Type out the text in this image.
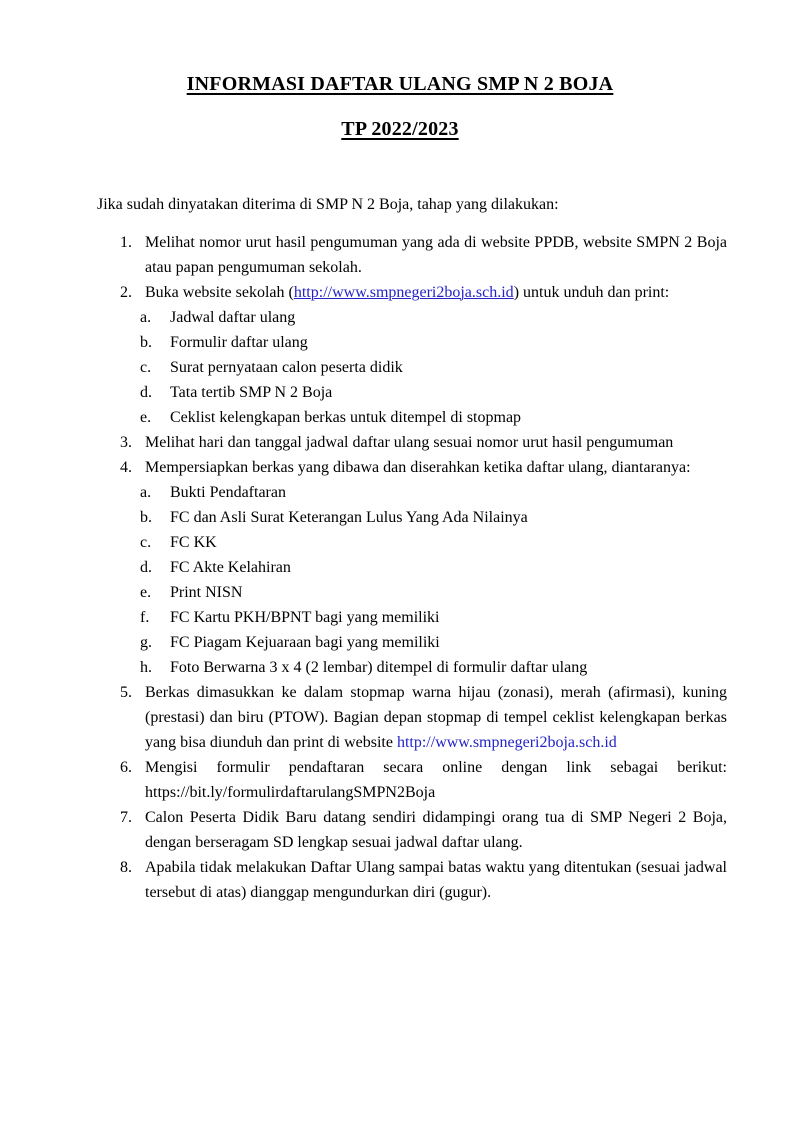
INFORMASI DAFTAR ULANG SMP N 2 BOJA
TP 2022/2023

Jika sudah dinyatakan diterima di SMP N 2 Boja, tahap yang dilakukan:

1. Melihat nomor urut hasil pengumuman yang ada di website PPDB, website SMPN 2 Boja atau papan pengumuman sekolah.
2. Buka website sekolah (http://www.smpnegeri2boja.sch.id) untuk unduh dan print:
a. Jadwal daftar ulang
b. Formulir daftar ulang
c. Surat pernyataan calon peserta didik
d. Tata tertib SMP N 2 Boja
e. Ceklist kelengkapan berkas untuk ditempel di stopmap
3. Melihat hari dan tanggal jadwal daftar ulang sesuai nomor urut hasil pengumuman
4. Mempersiapkan berkas yang dibawa dan diserahkan ketika daftar ulang, diantaranya:
a. Bukti Pendaftaran
b. FC dan Asli Surat Keterangan Lulus Yang Ada Nilainya
c. FC KK
d. FC Akte Kelahiran
e. Print NISN
f. FC Kartu PKH/BPNT bagi yang memiliki
g. FC Piagam Kejuaraan bagi yang memiliki
h. Foto Berwarna 3 x 4 (2 lembar) ditempel di formulir daftar ulang
5. Berkas dimasukkan ke dalam stopmap warna hijau (zonasi), merah (afirmasi), kuning (prestasi) dan biru (PTOW). Bagian depan stopmap di tempel ceklist kelengkapan berkas yang bisa diunduh dan print di website http://www.smpnegeri2boja.sch.id
6. Mengisi formulir pendaftaran secara online dengan link sebagai berikut: https://bit.ly/formulirdaftarulangSMPN2Boja
7. Calon Peserta Didik Baru datang sendiri didampingi orang tua di SMP Negeri 2 Boja, dengan berseragam SD lengkap sesuai jadwal daftar ulang.
8. Apabila tidak melakukan Daftar Ulang sampai batas waktu yang ditentukan (sesuai jadwal tersebut di atas) dianggap mengundurkan diri (gugur).
